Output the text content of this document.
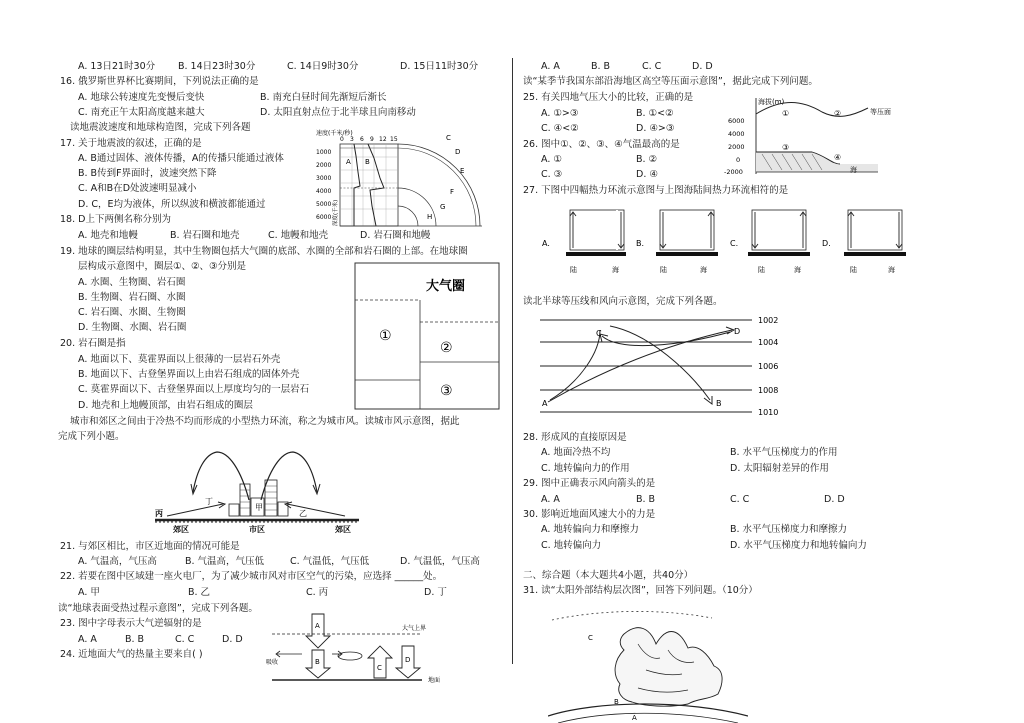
A. 13日21时30分 B. 14日23时30分	C. 14日9时30分	D. 15日11时30分
16. 俄罗斯世界杯比赛期间，下列说法正确的是
A. 地球公转速度先变慢后变快	B. 南充白昼时间先渐短后渐长
C. 南充正午太阳高度越来越大	D. 太阳直射点位于北半球且向南移动
读地震波速度和地球构造图，完成下列各题
17. 关于地震波的叙述，正确的是
A. B通过固体、液体传播，A的传播只能通过液体
B. B传到F界面时，波速突然下降
C. A和B在D处波速明显减小
D. C，E均为液体，所以纵波和横波都能通过
18. D上下两侧名称分别为
A. 地壳和地幔	B. 岩石圈和地壳	C. 地幔和地壳	D. 岩石圈和地幔
19. 地球的圈层结构明显，其中生物圈包括大气圈的底部、水圈的全部和岩石圈的上部。在地球圈
层构成示意图中，圈层①、②、③分别是
A. 水圈、生物圈、岩石圈
B. 生物圈、岩石圈、水圈
C. 岩石圈、水圈、生物圈
D. 生物圈、水圈、岩石圈
20. 岩石圈是指
A. 地面以下、莫霍界面以上很薄的一层岩石外壳
B. 地面以下、古登堡界面以上由岩石组成的固体外壳
C. 莫霍界面以下、古登堡界面以上厚度均匀的一层岩石
D. 地壳和上地幔顶部，由岩石组成的圈层
城市和郊区之间由于冷热不均而形成的小型热力环流，称之为城市风。读城市风示意图，据此
完成下列小题。
21. 与郊区相比，市区近地面的情况可能是
A. 气温高，气压高	B. 气温高，气压低	C. 气温低，气压低	D. 气温低，气压高
22. 若要在图中区域建一座火电厂，为了减少城市风对市区空气的污染，应选择 ______处。
A. 甲	B. 乙	C. 丙	D. 丁
读“地球表面受热过程示意图”，完成下列各题。
23. 图中字母表示大气逆辐射的是
A. A	B. B	C. C	D. D
24. 近地面大气的热量主要来自( )
速度(千米/秒)
0 3 6 9 12 15
1000
2000
3000
4000
5000
6000 深度(千米)
A B
C
D
E
F
G
H
大气圈
①
②
③
丙
丁
甲
乙
郊区	市区	郊区
大气上界
A
B
C
D
吸收
地面
A. A	B. B	C. C	D. D
读“某季节我国东部沿海地区高空等压面示意图”，据此完成下列问题。
25. 有关四地气压大小的比较，正确的是
A. ①>③	B. ①<②
C. ④<②	D. ④>③
26. 图中①、②、③、④气温最高的是
A. ①	B. ②
C. ③	D. ④
27. 下图中四幅热力环流示意图与上图海陆间热力环流相符的是
读北半球等压线和风向示意图，完成下列各题。
28. 形成风的直接原因是
A. 地面冷热不均	B. 水平气压梯度力的作用
C. 地转偏向力的作用	D. 太阳辐射差异的作用
29. 图中正确表示风向箭头的是
A. A	B. B	C. C	D. D
30. 影响近地面风速大小的力是
A. 地转偏向力和摩擦力	B. 水平气压梯度力和摩擦力
C. 地转偏向力	D. 水平气压梯度力和地转偏向力
二、综合题（本大题共4小题，共40分）
31. 读“太阳外部结构层次图”，回答下列问题。（10分）
海拔(m)
6000
4000
2000
0
-2000
等压面
①	②
③
④
海
A.
陆	海
B.
陆	海
C.
陆	海
D.
陆	海
1002
1004
1006
1008
1010
A	B
C	D
C
B
A
